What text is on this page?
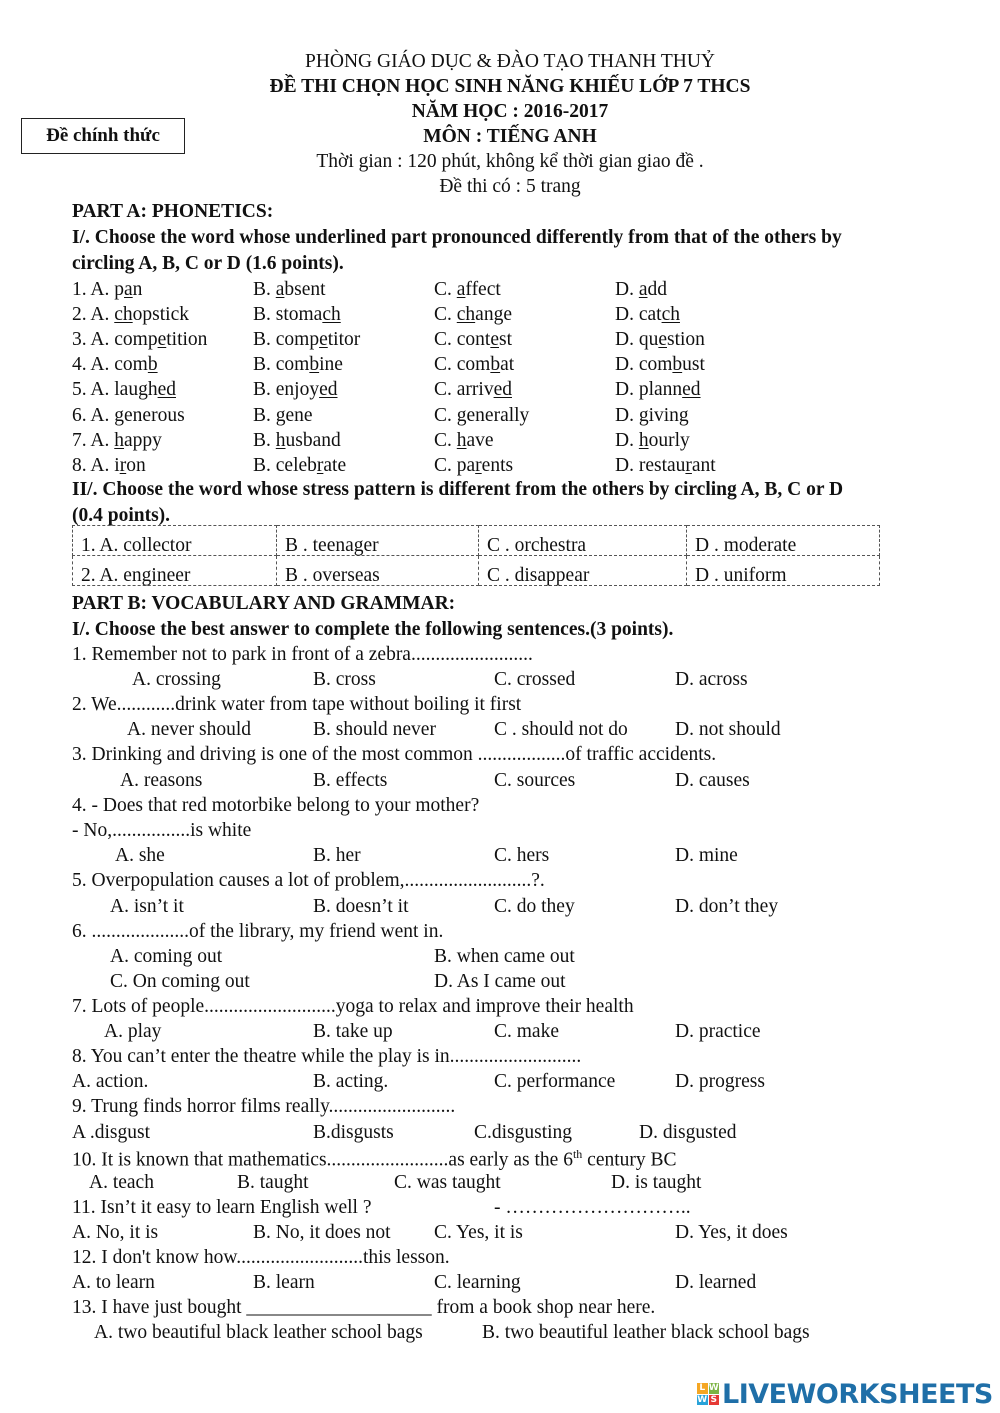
PHÒNG GIÁO DỤC & ĐÀO TẠO THANH THUỶ
ĐỀ THI CHỌN HỌC SINH NĂNG KHIẾU LỚP 7 THCS
NĂM HỌC : 2016-2017
MÔN : TIẾNG ANH
Thời gian : 120 phút, không kể thời gian giao đề .
Đề thi có : 5 trang
Đề chính thức
PART A: PHONETICS:
I/. Choose the word whose underlined part pronounced differently from that of the others by
circling A, B, C or D (1.6 points).
1. A. pan	B. absent	C. affect	D. add
2. A. chopstick	B. stomach	C. change	D. catch
3. A. competition B. competitor	C. contest	D. question
4. A. comb	B. combine	C. combat	D. combust
5. A. laughed	B. enjoyed	C. arrived	D. planned
6. A. generous	B. gene	C. generally	D. giving
7. A. happy	B. husband	C. have	D. hourly
8. A. iron	B. celebrate	C. parents	D. restaurant
II/. Choose the word whose stress pattern is different from the others by circling A, B, C or D
(0.4 points).
1. A. collector	B . teenager	C . orchestra	D . moderate
2. A. engineer	B . overseas	C . disappear	D . uniform
PART B: VOCABULARY AND GRAMMAR:
I/. Choose the best answer to complete the following sentences.(3 points).
1. Remember not to park in front of a zebra.........................
A. crossing	B. cross	C. crossed	D. across
2. We............drink water from tape without boiling it first
A. never should	B. should never	C . should not do D. not should
3. Drinking and driving is one of the most common ..................of traffic accidents.
A. reasons	B. effects	C. sources	D. causes
4. - Does that red motorbike belong to your mother?
- No,................is white
A. she	B. her	C. hers	D. mine
5. Overpopulation causes a lot of problem,..........................?.
A. isn’t it	B. doesn’t it	C. do they	D. don’t they
6. ....................of the library, my friend went in.
A. coming out	B. when came out
C. On coming out	D. As I came out
7. Lots of people...........................yoga to relax and improve their health
A. play	B. take up	C. make	D. practice
8. You can’t enter the theatre while the play is in...........................
A. action.	B. acting.	C. performance	D. progress
9. Trung finds horror films really..........................
A .disgust	B.disgusts	C.disgusting	D. disgusted
10. It is known that mathematics.........................as early as the 6th century BC
A. teach	B. taught	C. was taught	D. is taught
11. Isn’t it easy to learn English well ?	- ………………………..
A. No, it is	B. No, it does not C. Yes, it is	D. Yes, it does
12. I don't know how..........................this lesson.
A. to learn	B. learn	C. learning	D. learned
13. I have just bought ___________________ from a book shop near here.
A. two beautiful black leather school bags	B. two beautiful leather black school bags
L W
W S LIVEWORKSHEETS
